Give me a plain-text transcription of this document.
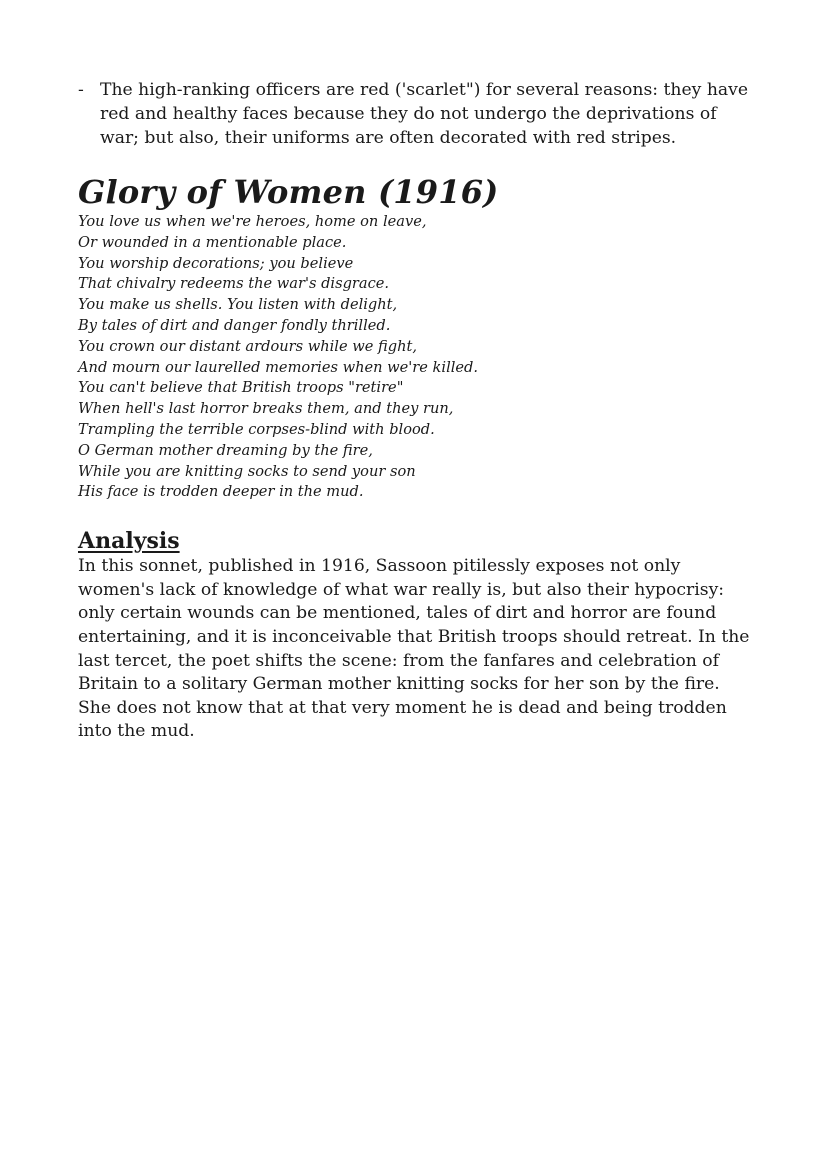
- The high-ranking officers are red ('scarlet") for several reasons: they have red and healthy faces because they do not undergo the deprivations of war; but also, their uniforms are often decorated with red stripes.

Glory of Women (1916)
You love us when we're heroes, home on leave,
Or wounded in a mentionable place.
You worship decorations; you believe
That chivalry redeems the war's disgrace.
You make us shells. You listen with delight,
By tales of dirt and danger fondly thrilled.
You crown our distant ardours while we fight,
And mourn our laurelled memories when we're killed.
You can't believe that British troops "retire"
When hell's last horror breaks them, and they run,
Trampling the terrible corpses-blind with blood.
O German mother dreaming by the fire,
While you are knitting socks to send your son
His face is trodden deeper in the mud.
Analysis

In this sonnet, published in 1916, Sassoon pitilessly exposes not only women's lack of knowledge of what war really is, but also their hypocrisy: only certain wounds can be mentioned, tales of dirt and horror are found entertaining, and it is inconceivable that British troops should retreat. In the last tercet, the poet shifts the scene: from the fanfares and celebration of Britain to a solitary German mother knitting socks for her son by the fire. She does not know that at that very moment he is dead and being trodden into the mud.
